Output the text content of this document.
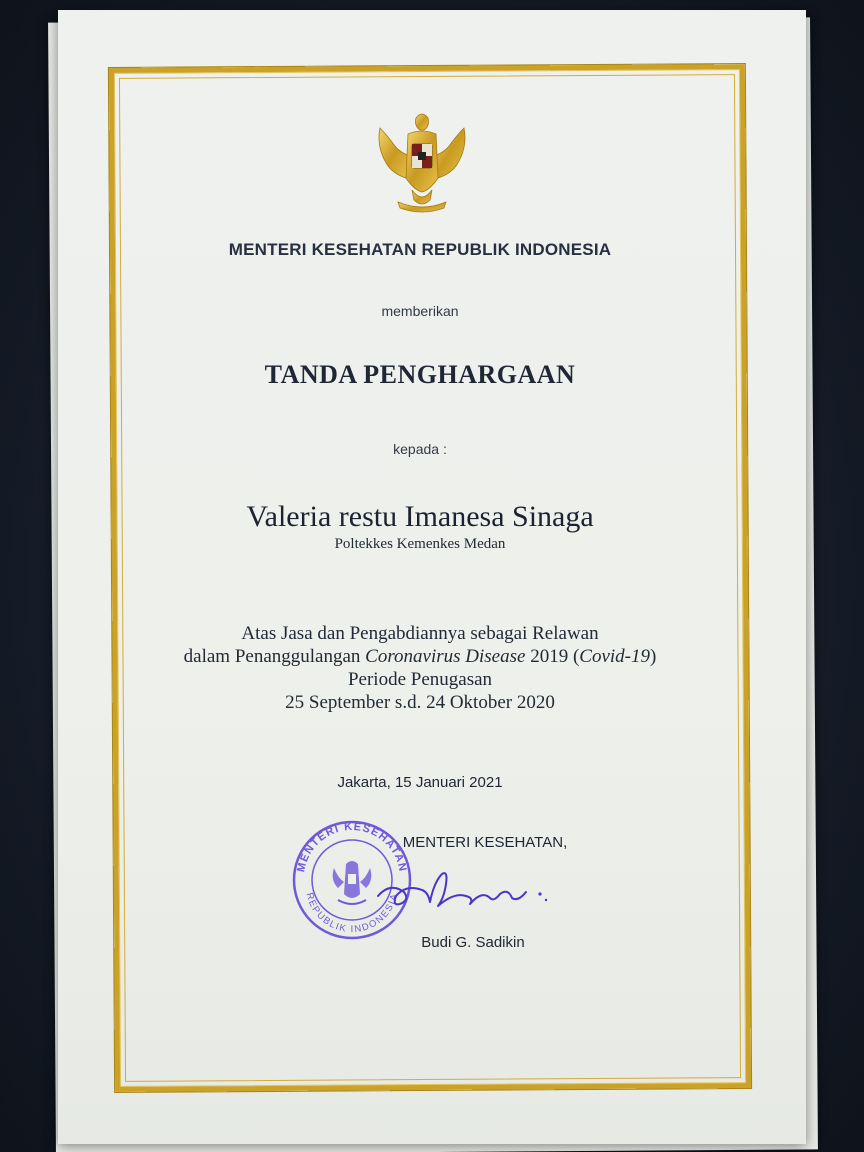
MENTERI KESEHATAN REPUBLIK INDONESIA
memberikan
TANDA PENGHARGAAN
kepada :
Valeria restu Imanesa Sinaga
Poltekkes Kemenkes Medan
Atas Jasa dan Pengabdiannya sebagai Relawan
dalam Penanggulangan Coronavirus Disease 2019 (Covid-19)
Periode Penugasan
25 September s.d. 24 Oktober 2020
Jakarta, 15 Januari 2021
MENTERI KESEHATAN
REPUBLIK INDONESIA
MENTERI KESEHATAN,
Budi G. Sadikin
